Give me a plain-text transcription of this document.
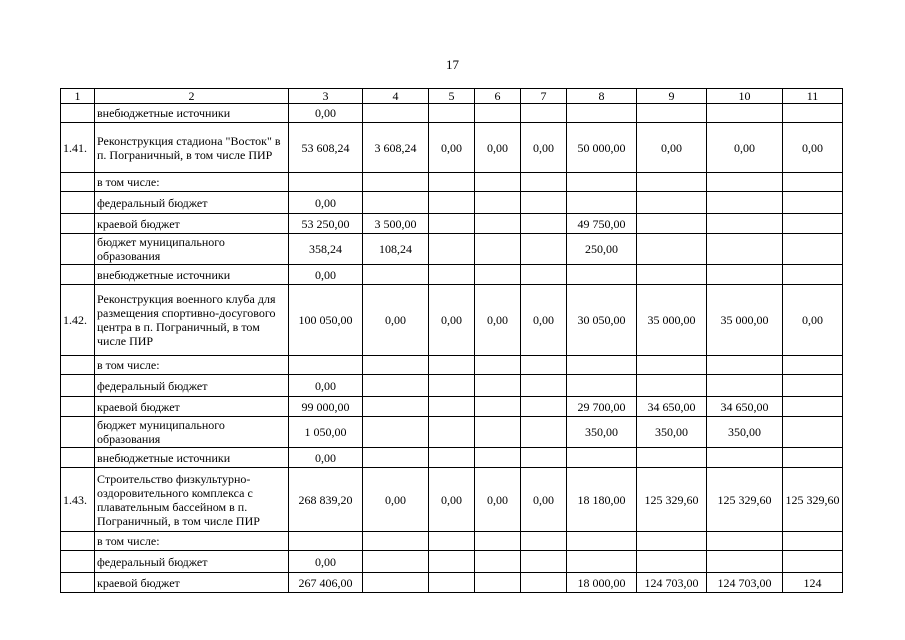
17
1	2	3	4	5	6	7	8	9	10	11
	внебюджетные источники	0,00								
1.41.	Реконструкция стадиона "Восток" в п. Пограничный, в том числе ПИР	53 608,24	3 608,24	0,00	0,00	0,00	50 000,00	0,00	0,00	0,00
	в том числе:									
	федеральный бюджет	0,00								
	краевой бюджет	53 250,00	3 500,00				49 750,00			
	бюджет муниципального образования	358,24	108,24				250,00			
	внебюджетные источники	0,00								
1.42.	Реконструкция военного клуба для размещения спортивно-досугового центра в п. Пограничный, в том числе ПИР	100 050,00	0,00	0,00	0,00	0,00	30 050,00	35 000,00	35 000,00	0,00
	в том числе:									
	федеральный бюджет	0,00								
	краевой бюджет	99 000,00					29 700,00	34 650,00	34 650,00	
	бюджет муниципального образования	1 050,00					350,00	350,00	350,00	
	внебюджетные источники	0,00								
1.43.	Строительство физкультурно-оздоровительного комплекса с плавательным бассейном в п. Пограничный, в том числе ПИР	268 839,20	0,00	0,00	0,00	0,00	18 180,00	125 329,60	125 329,60	125 329,60
	в том числе:									
	федеральный бюджет	0,00								
	краевой бюджет	267 406,00					18 000,00	124 703,00	124 703,00	124
